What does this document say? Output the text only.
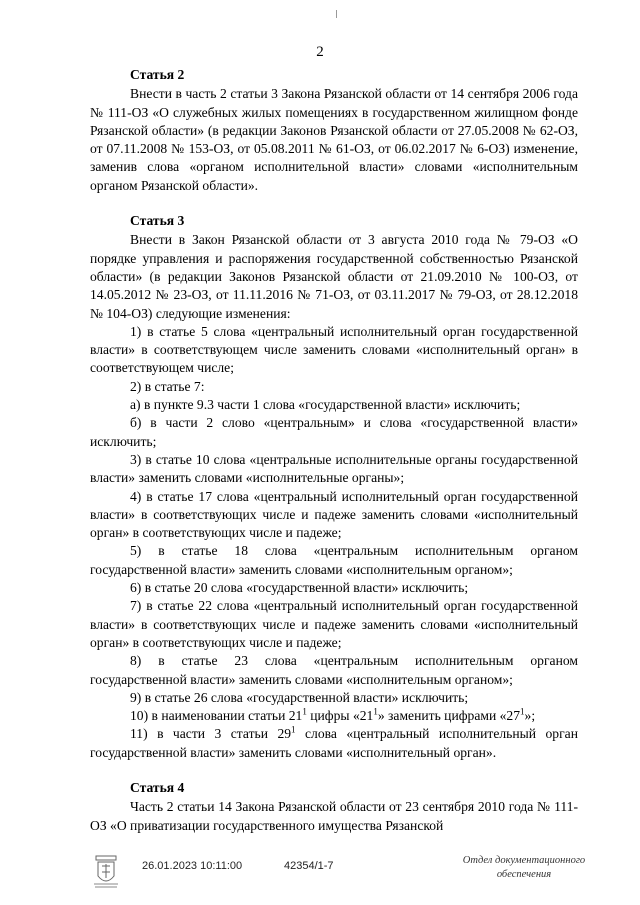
2

Статья 2

Внести в часть 2 статьи 3 Закона Рязанской области от 14 сентября 2006 года № 111-ОЗ «О служебных жилых помещениях в государственном жилищном фонде Рязанской области» (в редакции Законов Рязанской области от 27.05.2008 № 62-ОЗ, от 07.11.2008 № 153-ОЗ, от 05.08.2011 № 61-ОЗ, от 06.02.2017 № 6-ОЗ) изменение, заменив слова «органом исполнительной власти» словами «исполнительным органом Рязанской области».

Статья 3

Внести в Закон Рязанской области от 3 августа 2010 года № 79-ОЗ «О порядке управления и распоряжения государственной собственностью Рязанской области» (в редакции Законов Рязанской области от 21.09.2010 № 100-ОЗ, от 14.05.2012 № 23-ОЗ, от 11.11.2016 № 71-ОЗ, от 03.11.2017 № 79-ОЗ, от 28.12.2018 № 104-ОЗ) следующие изменения:

1) в статье 5 слова «центральный исполнительный орган государственной власти» в соответствующем числе заменить словами «исполнительный орган» в соответствующем числе;

2) в статье 7:

а) в пункте 9.3 части 1 слова «государственной власти» исключить;

б) в части 2 слово «центральным» и слова «государственной власти» исключить;

3) в статье 10 слова «центральные исполнительные органы государственной власти» заменить словами «исполнительные органы»;

4) в статье 17 слова «центральный исполнительный орган государственной власти» в соответствующих числе и падеже заменить словами «исполнительный орган» в соответствующих числе и падеже;

5) в статье 18 слова «центральным исполнительным органом государственной власти» заменить словами «исполнительным органом»;

6) в статье 20 слова «государственной власти» исключить;

7) в статье 22 слова «центральный исполнительный орган государственной власти» в соответствующих числе и падеже заменить словами «исполнительный орган» в соответствующих числе и падеже;

8) в статье 23 слова «центральным исполнительным органом государственной власти» заменить словами «исполнительным органом»;

9) в статье 26 слова «государственной власти» исключить;

10) в наименовании статьи $21^1$ цифры «$21^1$» заменить цифрами «$27^1$»;

11) в части 3 статьи $29^1$ слова «центральный исполнительный орган государственной власти» заменить словами «исполнительный орган».

Статья 4

Часть 2 статьи 14 Закона Рязанской области от 23 сентября 2010 года № 111-ОЗ «О приватизации государственного имущества Рязанской

26.01.2023 10:11:00	42354/1-7	Отдел документационного
обеспечения
